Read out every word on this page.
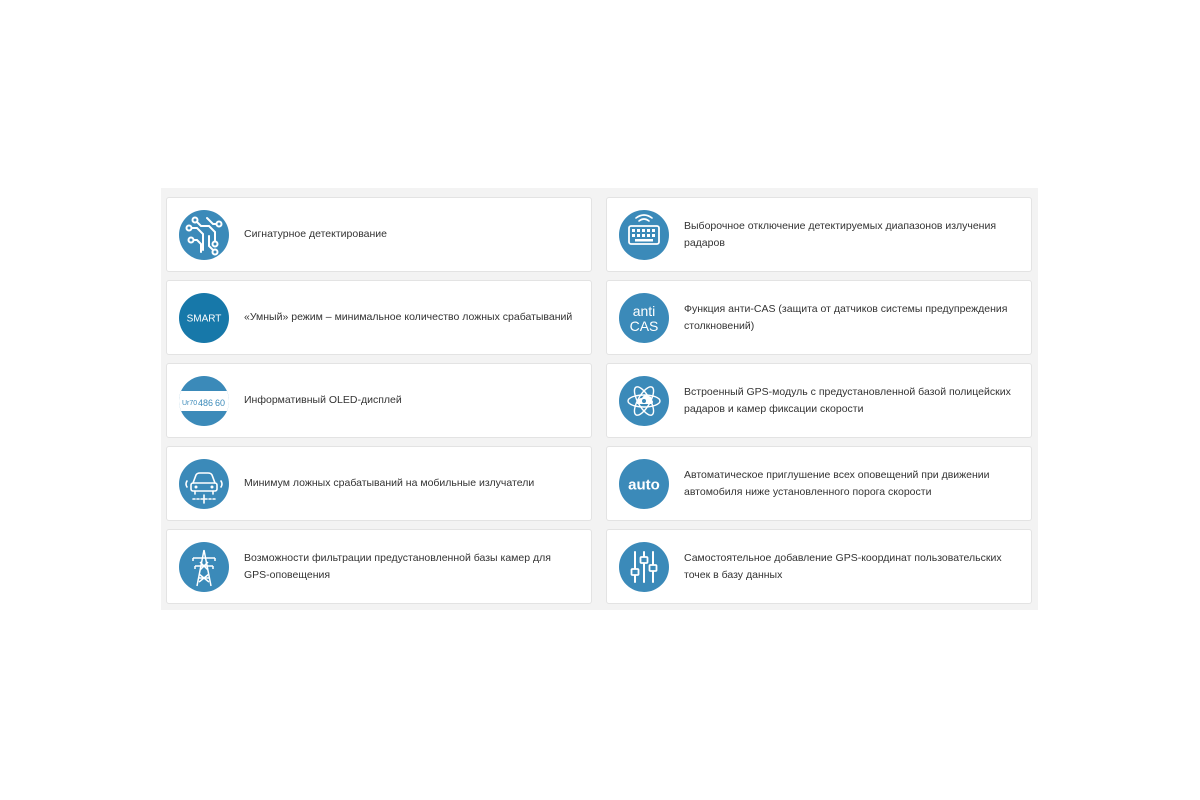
Сигнатурное детектирование
Выборочное отключение детектируемых диапазонов излучения радаров
SMART «Умный» режим – минимальное количество ложных срабатываний	anti
CAS
Функция анти-CAS (защита от датчиков системы предупреждения столкновений)
Ur70 486 60 Информативный OLED-дисплей
Встроенный GPS-модуль с предустановленной базой полицейских радаров и камер фиксации скорости
Минимум ложных срабатываний на мобильные излучатели	auto
Автоматическое приглушение всех оповещений при движении автомобиля ниже установленного порога скорости
Возможности фильтрации предустановленной базы камер для GPS-оповещения
Самостоятельное добавление GPS-координат пользовательских точек в базу данных
